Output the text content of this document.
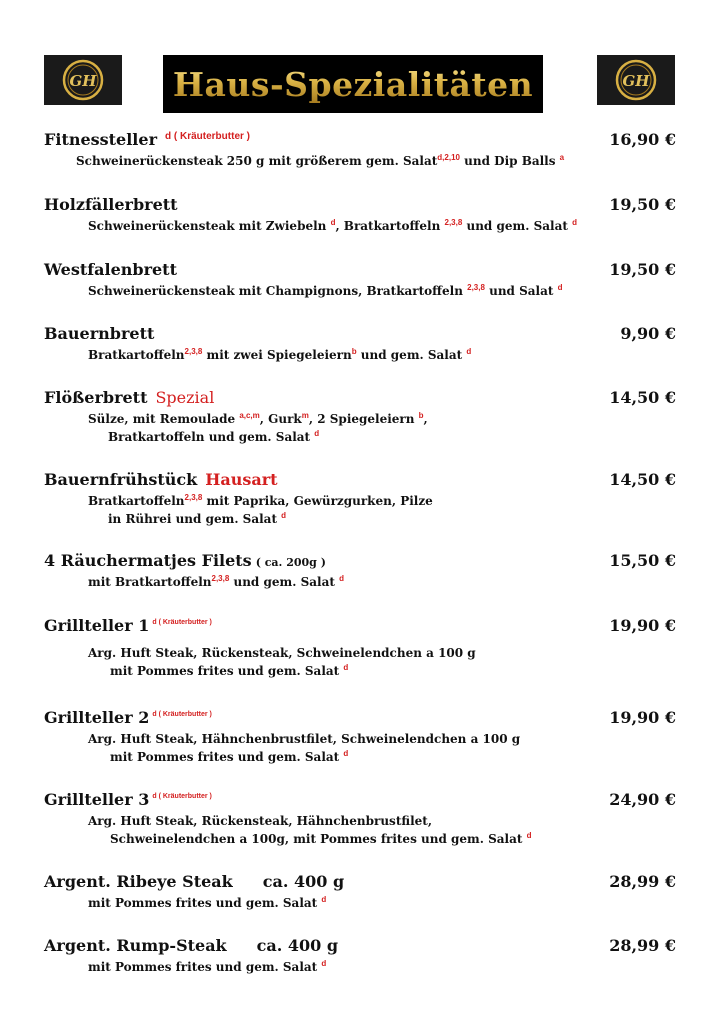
GH Haus-Spezialitäten	GH
Fitnessteller $^{d ( Kräuterbutter )}$	16,90 €
Schweinerückensteak 250 g mit größerem gem. Salat$^{d,2,10}$ und Dip Balls $^a$
Holzfällerbrett	19,50 €
Schweinerückensteak mit Zwiebeln $^d$, Bratkartoffeln $^{2,3,8}$ und gem. Salat $^d$
Westfalenbrett	19,50 €
Schweinerückensteak mit Champignons, Bratkartoffeln $^{2,3,8}$ und Salat $^d$
Bauernbrett	9,90 €
Bratkartoffeln$^{2,3,8}$ mit zwei Spiegeleiern$^b$ und gem. Salat $^d$
Flößerbrett Spezial	14,50 €
Sülze, mit Remoulade $^{a,c,m}$, Gurk$^m$, 2 Spiegeleiern $^b$,
Bratkartoffeln und gem. Salat $^d$
Bauernfrühstück Hausart	14,50 €
Bratkartoffeln$^{2,3,8}$ mit Paprika, Gewürzgurken, Pilze
in Rührei und gem. Salat $^d$
4 Räuchermatjes Filets ( ca. 200g )	15,50 €
mit Bratkartoffeln$^{2,3,8}$ und gem. Salat $^d$
Grillteller 1 $^{d ( Kräuterbutter )}$	19,90 €
Arg. Huft Steak, Rückensteak, Schweinelendchen a 100 g
mit Pommes frites und gem. Salat $^d$
Grillteller 2 $^{d ( Kräuterbutter )}$	19,90 €
Arg. Huft Steak, Hähnchenbrustfilet, Schweinelendchen a 100 g
mit Pommes frites und gem. Salat $^d$
Grillteller 3 $^{d ( Kräuterbutter )}$	24,90 €
Arg. Huft Steak, Rückensteak, Hähnchenbrustfilet,
Schweinelendchen a 100g, mit Pommes frites und gem. Salat $^d$
Argent. Ribeye Steak ca. 400 g	28,99 €
mit Pommes frites und gem. Salat $^d$
Argent. Rump-Steak ca. 400 g	28,99 €
mit Pommes frites und gem. Salat $^d$
